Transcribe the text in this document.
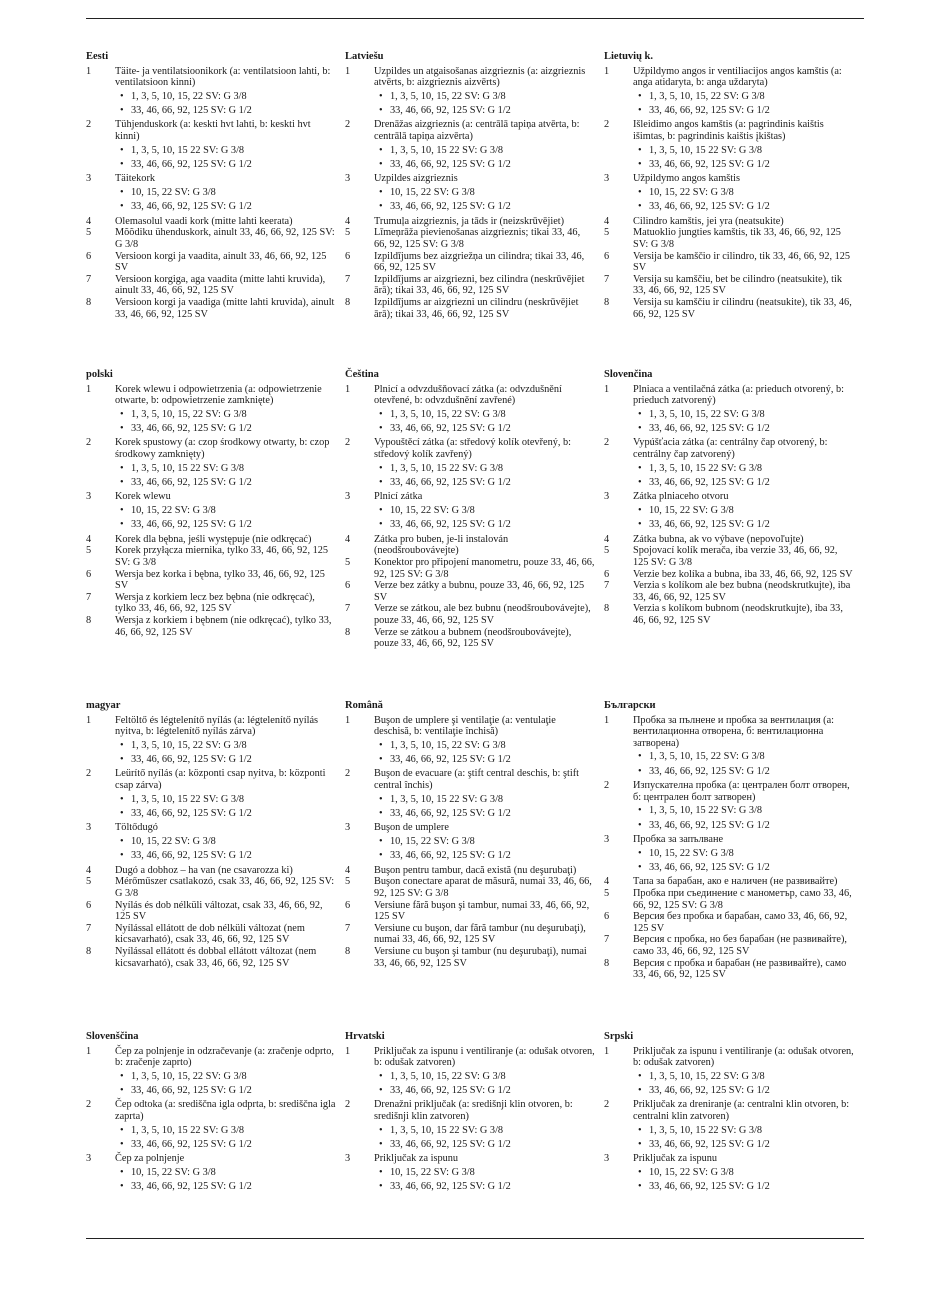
Eesti
1	Täite- ja ventilatsioonikork (a: ventilatsioon lahti, b: ventilatsioon kinni)
• 1, 3, 5, 10, 15, 22 SV: G 3/8
• 33, 46, 66, 92, 125 SV: G 1/2
2	Tühjenduskork (a: keskti hvt lahti, b: keskti hvt kinni)
• 1, 3, 5, 10, 15 22 SV: G 3/8
• 33, 46, 66, 92, 125 SV: G 1/2
3	Täitekork
• 10, 15, 22 SV: G 3/8
• 33, 46, 66, 92, 125 SV: G 1/2
4	Olemasolul vaadi kork (mitte lahti keerata)
5	Mõõdiku ühenduskork, ainult 33, 46, 66, 92, 125 SV: G 3/8
6	Versioon korgi ja vaadita, ainult 33, 46, 66, 92, 125 SV
7	Versioon korgiga, aga vaadita (mitte lahti kruvida), ainult 33, 46, 66, 92, 125 SV
8	Versioon korgi ja vaadiga (mitte lahti kruvida), ainult 33, 46, 66, 92, 125 SV
Latviešu
1	Uzpildes un atgaisošanas aizgrieznis (a: aizgrieznis atvērts, b: aizgrieznis aizvērts)
• 1, 3, 5, 10, 15, 22 SV: G 3/8
• 33, 46, 66, 92, 125 SV: G 1/2
2	Drenāžas aizgrieznis (a: centrālā tapiņa atvērta, b: centrālā tapiņa aizvērta)
• 1, 3, 5, 10, 15 22 SV: G 3/8
• 33, 46, 66, 92, 125 SV: G 1/2
3	Uzpildes aizgrieznis
• 10, 15, 22 SV: G 3/8
• 33, 46, 66, 92, 125 SV: G 1/2
4	Trumuļa aizgrieznis, ja tāds ir (neizskrūvējiet)
5	Līmeņrāža pievienošanas aizgrieznis; tikai 33, 46, 66, 92, 125 SV: G 3/8
6	Izpildījums bez aizgriežņa un cilindra; tikai 33, 46, 66, 92, 125 SV
7	Izpildījums ar aizgriezni, bez cilindra (neskrūvējiet ārā); tikai 33, 46, 66, 92, 125 SV
8	Izpildījums ar aizgriezni un cilindru (neskrūvējiet ārā); tikai 33, 46, 66, 92, 125 SV
Lietuvių k.
1	Užpildymo angos ir ventiliacijos angos kamštis (a: anga atidaryta, b: anga uždaryta)
• 1, 3, 5, 10, 15, 22 SV: G 3/8
• 33, 46, 66, 92, 125 SV: G 1/2
2	Išleidimo angos kamštis (a: pagrindinis kaištis išimtas, b: pagrindinis kaištis įkištas)
• 1, 3, 5, 10, 15 22 SV: G 3/8
• 33, 46, 66, 92, 125 SV: G 1/2
3	Užpildymo angos kamštis
• 10, 15, 22 SV: G 3/8
• 33, 46, 66, 92, 125 SV: G 1/2
4	Cilindro kamštis, jei yra (neatsukite)
5	Matuoklio jungties kamštis, tik 33, 46, 66, 92, 125 SV: G 3/8
6	Versija be kamščio ir cilindro, tik 33, 46, 66, 92, 125 SV
7	Versija su kamščiu, bet be cilindro (neatsukite), tik 33, 46, 66, 92, 125 SV
8	Versija su kamščiu ir cilindru (neatsukite), tik 33, 46, 66, 92, 125 SV
polski
1	Korek wlewu i odpowietrzenia (a: odpowietrzenie otwarte, b: odpowietrzenie zamknięte)
• 1, 3, 5, 10, 15, 22 SV: G 3/8
• 33, 46, 66, 92, 125 SV: G 1/2
2	Korek spustowy (a: czop środkowy otwarty, b: czop środkowy zamknięty)
• 1, 3, 5, 10, 15 22 SV: G 3/8
• 33, 46, 66, 92, 125 SV: G 1/2
3	Korek wlewu
• 10, 15, 22 SV: G 3/8
• 33, 46, 66, 92, 125 SV: G 1/2
4	Korek dla bębna, jeśli występuje (nie odkręcać)
5	Korek przyłącza miernika, tylko 33, 46, 66, 92, 125 SV: G 3/8
6	Wersja bez korka i bębna, tylko 33, 46, 66, 92, 125 SV
7	Wersja z korkiem lecz bez bębna (nie odkręcać), tylko 33, 46, 66, 92, 125 SV
8	Wersja z korkiem i bębnem (nie odkręcać), tylko 33, 46, 66, 92, 125 SV
Čeština
1	Plnicí a odvzdušňovací zátka (a: odvzdušnění otevřené, b: odvzdušnění zavřené)
• 1, 3, 5, 10, 15, 22 SV: G 3/8
• 33, 46, 66, 92, 125 SV: G 1/2
2	Vypouštěcí zátka (a: středový kolík otevřený, b: středový kolík zavřený)
• 1, 3, 5, 10, 15 22 SV: G 3/8
• 33, 46, 66, 92, 125 SV: G 1/2
3	Plnicí zátka
• 10, 15, 22 SV: G 3/8
• 33, 46, 66, 92, 125 SV: G 1/2
4	Zátka pro buben, je-li instalován (neodšroubovávejte)
5	Konektor pro připojení manometru, pouze 33, 46, 66, 92, 125 SV: G 3/8
6	Verze bez zátky a bubnu, pouze 33, 46, 66, 92, 125 SV
7	Verze se zátkou, ale bez bubnu (neodšroubovávejte), pouze 33, 46, 66, 92, 125 SV
8	Verze se zátkou a bubnem (neodšroubovávejte), pouze 33, 46, 66, 92, 125 SV
Slovenčina
1	Plniaca a ventilačná zátka (a: prieduch otvorený, b: prieduch zatvorený)
• 1, 3, 5, 10, 15, 22 SV: G 3/8
• 33, 46, 66, 92, 125 SV: G 1/2
2	Vypúšťacia zátka (a: centrálny čap otvorený, b: centrálny čap zatvorený)
• 1, 3, 5, 10, 15 22 SV: G 3/8
• 33, 46, 66, 92, 125 SV: G 1/2
3	Zátka plniaceho otvoru
• 10, 15, 22 SV: G 3/8
• 33, 46, 66, 92, 125 SV: G 1/2
4	Zátka bubna, ak vo výbave (nepovoľujte)
5	Spojovací kolík merača, iba verzie 33, 46, 66, 92, 125 SV: G 3/8
6	Verzie bez kolíka a bubna, iba 33, 46, 66, 92, 125 SV
7	Verzia s kolíkom ale bez bubna (neodskrutkujte), iba 33, 46, 66, 92, 125 SV
8	Verzia s kolíkom bubnom (neodskrutkujte), iba 33, 46, 66, 92, 125 SV
magyar
1	Feltöltő és légtelenítő nyílás (a: légtelenítő nyílás nyitva, b: légtelenítő nyílás zárva)
• 1, 3, 5, 10, 15, 22 SV: G 3/8
• 33, 46, 66, 92, 125 SV: G 1/2
2	Leürítő nyílás (a: központi csap nyitva, b: központi csap zárva)
• 1, 3, 5, 10, 15 22 SV: G 3/8
• 33, 46, 66, 92, 125 SV: G 1/2
3	Töltődugó
• 10, 15, 22 SV: G 3/8
• 33, 46, 66, 92, 125 SV: G 1/2
4	Dugó a dobhoz – ha van (ne csavarozza ki)
5	Mérőműszer csatlakozó, csak 33, 46, 66, 92, 125 SV: G 3/8
6	Nyílás és dob nélküli változat, csak 33, 46, 66, 92, 125 SV
7	Nyílással ellátott de dob nélküli változat (nem kicsavarható), csak 33, 46, 66, 92, 125 SV
8	Nyílással ellátott és dobbal ellátott változat (nem kicsavarható), csak 33, 46, 66, 92, 125 SV
Română
1	Buşon de umplere şi ventilaţie (a: ventulaţie deschisă, b: ventilaţie închisă)
• 1, 3, 5, 10, 15, 22 SV: G 3/8
• 33, 46, 66, 92, 125 SV: G 1/2
2	Buşon de evacuare (a: ştift central deschis, b: ştift central închis)
• 1, 3, 5, 10, 15 22 SV: G 3/8
• 33, 46, 66, 92, 125 SV: G 1/2
3	Buşon de umplere
• 10, 15, 22 SV: G 3/8
• 33, 46, 66, 92, 125 SV: G 1/2
4	Buşon pentru tambur, dacă există (nu deşurubaţi)
5	Buşon conectare aparat de măsură, numai 33, 46, 66, 92, 125 SV: G 3/8
6	Versiune fără buşon şi tambur, numai 33, 46, 66, 92, 125 SV
7	Versiune cu buşon, dar fără tambur (nu deşurubaţi), numai 33, 46, 66, 92, 125 SV
8	Versiune cu buşon şi tambur (nu deşurubaţi), numai 33, 46, 66, 92, 125 SV
Български
1	Пробка за пълнене и пробка за вентилация (а: вентилационна отворена, б: вентилационна затворена)
• 1, 3, 5, 10, 15, 22 SV: G 3/8
• 33, 46, 66, 92, 125 SV: G 1/2
2	Изпускателна пробка (а: централен болт отворен, б: централен болт затворен)
• 1, 3, 5, 10, 15 22 SV: G 3/8
• 33, 46, 66, 92, 125 SV: G 1/2
3	Пробка за запълване
• 10, 15, 22 SV: G 3/8
• 33, 46, 66, 92, 125 SV: G 1/2
4	Тапа за барабан, ако е наличен (не развивайте)
5	Пробка при съединение с манометър, само 33, 46, 66, 92, 125 SV: G 3/8
6	Версия без пробка и барабан, само 33, 46, 66, 92, 125 SV
7	Версия с пробка, но без барабан (не развивайте), само 33, 46, 66, 92, 125 SV
8	Версия с пробка и барабан (не развивайте), само 33, 46, 66, 92, 125 SV
Slovenščina
1	Čep za polnjenje in odzračevanje (a: zračenje odprto, b: zračenje zaprto)
• 1, 3, 5, 10, 15, 22 SV: G 3/8
• 33, 46, 66, 92, 125 SV: G 1/2
2	Čep odtoka (a: središčna igla odprta, b: središčna igla zaprta)
• 1, 3, 5, 10, 15 22 SV: G 3/8
• 33, 46, 66, 92, 125 SV: G 1/2
3	Čep za polnjenje
• 10, 15, 22 SV: G 3/8
• 33, 46, 66, 92, 125 SV: G 1/2
Hrvatski
1	Priključak za ispunu i ventiliranje (a: odušak otvoren, b: odušak zatvoren)
• 1, 3, 5, 10, 15, 22 SV: G 3/8
• 33, 46, 66, 92, 125 SV: G 1/2
2	Drenažni priključak (a: središnji klin otvoren, b: središnji klin zatvoren)
• 1, 3, 5, 10, 15 22 SV: G 3/8
• 33, 46, 66, 92, 125 SV: G 1/2
3	Priključak za ispunu
• 10, 15, 22 SV: G 3/8
• 33, 46, 66, 92, 125 SV: G 1/2
Srpski
1	Priključak za ispunu i ventiliranje (a: odušak otvoren, b: odušak zatvoren)
• 1, 3, 5, 10, 15, 22 SV: G 3/8
• 33, 46, 66, 92, 125 SV: G 1/2
2	Priključak za dreniranje (a: centralni klin otvoren, b: centralni klin zatvoren)
• 1, 3, 5, 10, 15 22 SV: G 3/8
• 33, 46, 66, 92, 125 SV: G 1/2
3	Priključak za ispunu
• 10, 15, 22 SV: G 3/8
• 33, 46, 66, 92, 125 SV: G 1/2
